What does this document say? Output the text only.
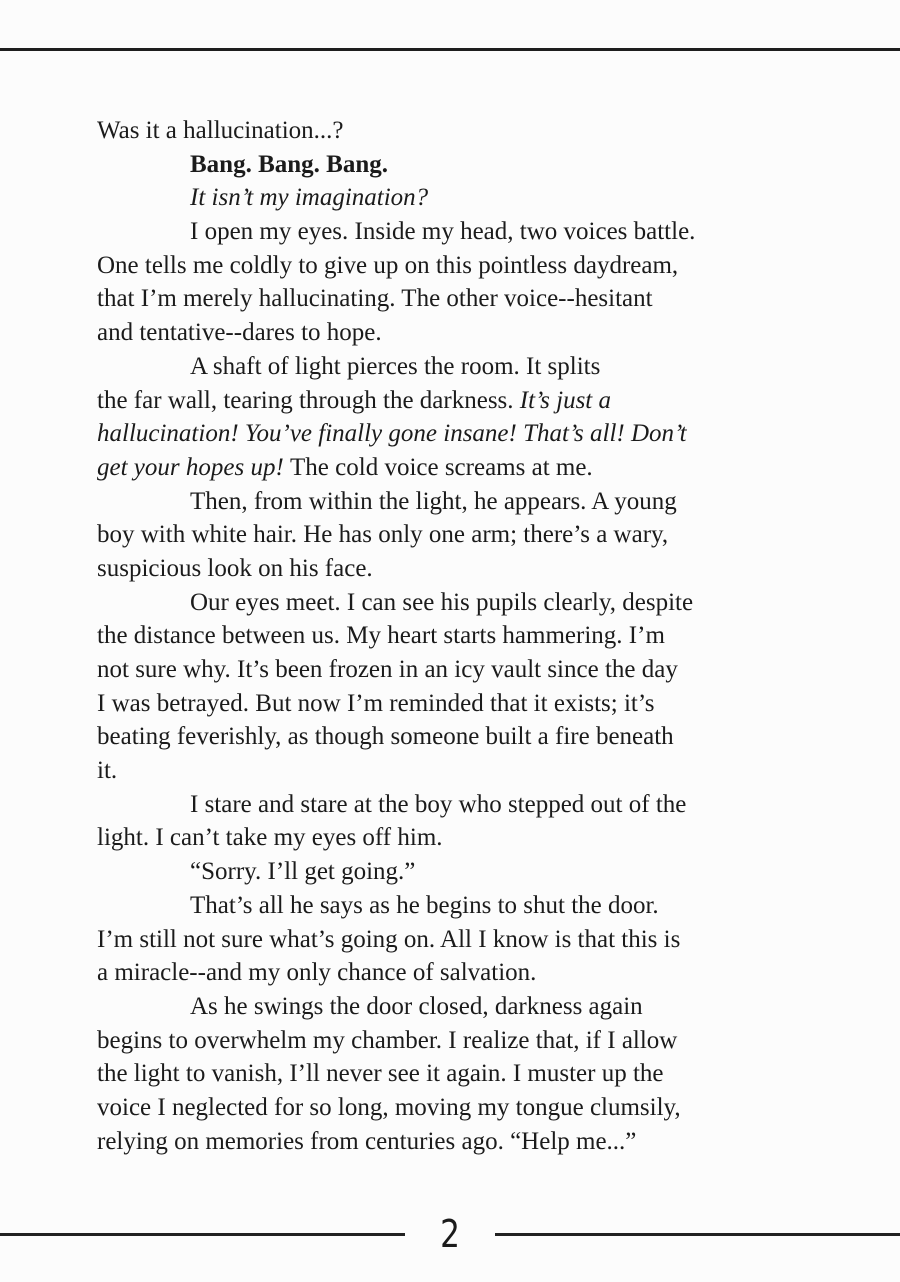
Was it a hallucination...?
Bang. Bang. Bang.
It isn’t my imagination?
I open my eyes. Inside my head, two voices battle.
One tells me coldly to give up on this pointless daydream,
that I’m merely hallucinating. The other voice--hesitant
and tentative--dares to hope.
A shaft of light pierces the room. It splits
the far wall, tearing through the darkness. It’s just a
hallucination! You’ve finally gone insane! That’s all! Don’t
get your hopes up! The cold voice screams at me.
Then, from within the light, he appears. A young
boy with white hair. He has only one arm; there’s a wary,
suspicious look on his face.
Our eyes meet. I can see his pupils clearly, despite
the distance between us. My heart starts hammering. I’m
not sure why. It’s been frozen in an icy vault since the day
I was betrayed. But now I’m reminded that it exists; it’s
beating feverishly, as though someone built a fire beneath
it.
I stare and stare at the boy who stepped out of the
light. I can’t take my eyes off him.
“Sorry. I’ll get going.”
That’s all he says as he begins to shut the door.
I’m still not sure what’s going on. All I know is that this is
a miracle--and my only chance of salvation.
As he swings the door closed, darkness again
begins to overwhelm my chamber. I realize that, if I allow
the light to vanish, I’ll never see it again. I muster up the
voice I neglected for so long, moving my tongue clumsily,
relying on memories from centuries ago. “Help me...”
2
